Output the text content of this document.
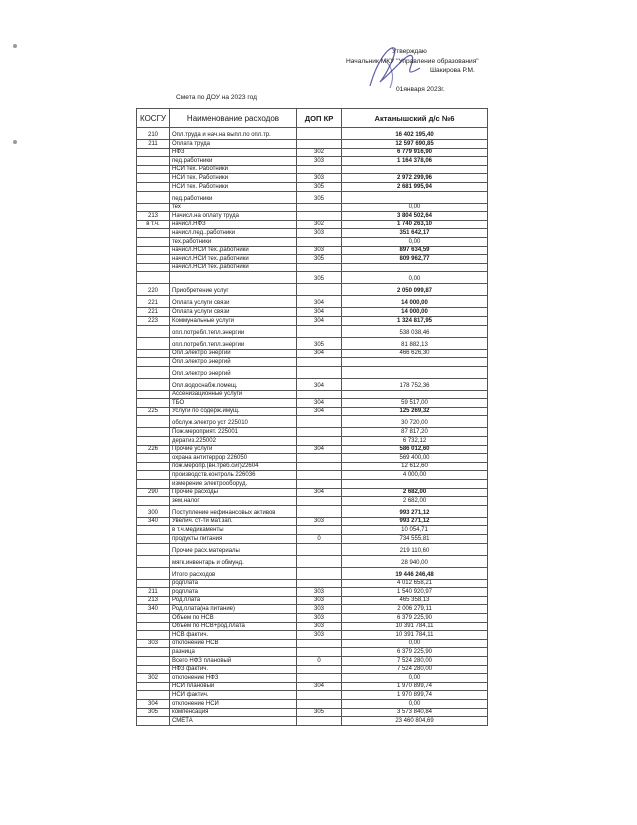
Утверждаю
Начальник МКУ "Управление образования"
Шакирова Р.М.
01января 2023г.
Смета по ДОУ на 2023 год
КОСГУ	Наименование расходов	ДОП КР	Актанышский д/с №6
210	Опл.труда и нач.на выпл.по опл.тр.		16 402 195,40
211	Оплата труда		12 597 690,85
	НФЗ	302	6 779 916,90
	пед.работники	303	1 164 378,06
	НСИ тех. Работники		
	НСИ тех. Работники	303	2 972 299,96
	НСИ тех. Работники	305	2 681 995,94
	пед.работники	305	
	тех		0,00
213	Начисл.на оплату труда		3 804 502,64
в т.ч.	начисл.НФЗ	302	1 740 263,10
	начисл.пед..работники	303	351 642,17
	тех.работники		0,00
	начисл.НСИ тех.,работники	303	897 634,59
	начисл.НСИ тех.,работники	305	809 962,77
	начисл.НСИ тех.,работники		
		305	0,00
220	Приобретение услуг		2 050 099,87
221	Оплата услуги связи	304	14 000,00
221	Оплата услуги связи	304	14 000,00
223	Коммунальные услуги	304	1 324 817,95
	опл.потребл.тепл.энергии		538 038,46
	опл.потребл.тепл.энергии	305	81 882,13
	Опл.электро энергий	304	466 626,30
	Опл.электро энергий		
	Опл.электро энергий		
	Опл.водоснабж.помещ.	304	178 752,36
	Ассенизационные услуги		
	ТБО	304	59 517,00
225	Услуги по содерж.имущ.	304	125 269,32
	обслуж.электро уст 225010		30 720,00
	Пож.мероприят. 225001		87 817,20
	дератиз.225002		6 732,12
226	Прочие услуги	304	586 012,60
	охрана антитеррор 226050		569 400,00
	пож.меропр.(вн.треб.сиг)22604		12 612,60
	производств.контроль 226036		4 000,00
	измерение электрооборуд.		
290	Прочие расходы	304	2 682,00
	зем.налог		2 682,00
300	Поступление нефинансовых активов		993 271,12
340	Увелич. ст-ти мат.зап.	303	993 271,12
	в т.ч.медикаменты		10 054,71
	продукты питания	0	734 555,81
	Прочие расх.материалы		219 110,60
	мягк.инвентарь и обмунд.		28 940,00
	Итого расходов		19 446 246,48
	родплата		4 012 658,21
211	родплата	303	1 540 920,97
213	Род.плата	303	465 358,13
340	Род.плата(на питание)	303	2 006 279,11
	Объем по НСВ	303	6 379 225,90
	Объем по НСВ+род.плата	303	10 391 784,11
	НСВ фактич.	303	10 391 784,11
303	отклонение НСВ		0,00
	разница		6 379 225,90
	Всего НФЗ плановый	0	7 524 280,00
	НФЗ фактич.		7 524 280,00
302	отклонение НФЗ		0,00
	НСИ плановый	304	1 970 899,74
	НСИ фактич.		1 970 899,74
304	отклонение НСИ		0,00
305	компенсация	305	3 573 840,84
	СМЕТА		23 460 804,69
